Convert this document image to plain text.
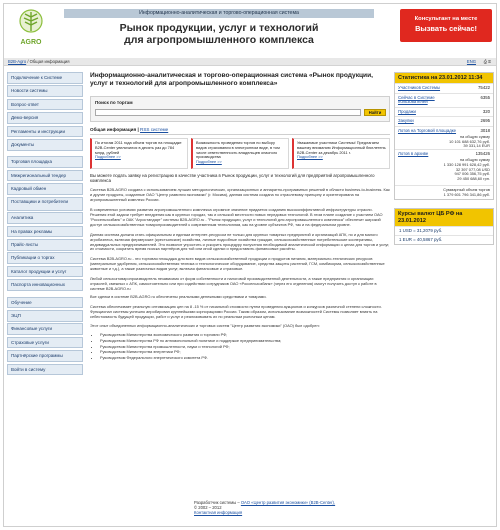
AGRO
Информационно-аналитическая и торгово-операционная система
Рынок продукции, услуг и технологий
для агропромышленного комплекса
Консультант на месте
Вызвать сейчас!
B2B-Agro / Общая информация	ENG ⎙✉
Подключение к Системе
Новости системы
Вопрос-ответ
Демо-версия
Регламенты и инструкции
Документы
Торговая площадка
Межрегиональный тендер
Кадровый обмен
Поставщики и потребители
Аналитика
На правах рекламы
Прайс-листы
Публикации о торгах
Каталог продукции и услуг
Паспорта инновационных
Обучение
ЭЦП
Финансовые услуги
Страховые услуги
Партнёрские программы
Войти в систему
Информационно-аналитическая и торгово-операционная система «Рынок продукции, услуг и технологий для агропромышленного комплекса»
Поиск по торгам
Найти
Общая информация | RSS системе
По итогам 2011 года объем торгов на площадке B2B-Center увеличился в десять раз до 784 млрд. рублей
Подробнее >>
Возможность проведения торгов по выбору видов страхования в электронном виде, в том числе ответственность владельцев опасного производства
Подробнее >>
Уважаемые участники Системы! Предлагаем вашему вниманию Информационный бюллетень B2B-Center за декабрь 2011 г.
Подробнее >>
Вы можете подать заявку на регистрацию в качестве участника в Рынок продукции, услуг и технологий для предприятий агропромышленного комплекса
Система B2B-AGRO создана с использованием лучших методологических, организационных и аппаратно-программных решений в области business-to-business. Как и другие продукты, созданные ОАО "Центр развития экономики" (г. Москва), данная система создана по отраслевому принципу и ориентирована на агропромышленный комплекс России.
В современных условиях развития агропромышленного комплекса огромное значение придается созданию высокоэффективной инфраструктуры отрасли. Решения этой задачи требует внедрения как в крупных городах, так и сельской местности новых передовых технологий. В этом плане создание с участием ОАО "Россельхозбанк" и ОАК "Агростандарт" системы B2B-AGRO.ru - "Рынок продукции, услуг и технологий для агропромышленного комплекса" обеспечит широкий доступ сельскохозяйственных товаропроизводителей к современным технологиям, как на уровне субъектов РФ, так и на федеральном уровне.
Данная система должна стать официальным и единым интернет-ресурсом не только для крупных товарных предприятий и организаций АПК, но и для малого агробизнеса, включая фермерские (крестьянские) хозяйства, личные подсобные хозяйства граждан, сельскохозяйственные потребительские кооперативы, индивидуальных предпринимателей. Это позволит упростить и ускорить процедуру получения необходимой аналитической информации о ценах для торгов и услуг, их стоимости, сократить время поиска партнёров для той или иной сделки и предоставить финансовые расчёты.
Система B2B-AGRO.ru - это торговая площадка для всех видов сельскохозяйственной продукции и продуктов питания, материально-технических ресурсов (минеральные удобрения, сельскохозяйственная техника и технологическое оборудование, средства защиты растений, ГСМ, комбикорма, сельскохозяйственные животные и т.д.), а также различных видов услуг, включая финансовые и страховые.
Любой сельхозтоваропроизводитель независимо от форм собственности и налоговой производственной деятельности, а также предприятия и организации отраслей, смежных с АПК, самостоятельно или при содействии сотрудников ОАО «Россельхозбанк» (через его отделения) смогут получить доступ к работе в системе B2B-AGRO.ru
Все сделки в системе B2B-AGRO.ru обеспечены реальными денежными средствами и товарами.
Система обеспечивает реальную оптимизацию цен на 8 -15 % от начальной стоимости путем проведения аукционов и конкурсов различной степени сложности. Функционал системы успешно апробирован крупнейшими корпорациями России. Таким образом, использование возможностей Системы позволяет влиять на себестоимость будущей продукции, работ и услуг и реализовывать их по реальным рыночным ценам.
Этот опыт объединенных информационно-аналитических и торговых систем "Центр развития экономики" (ОАО) был одобрен:
• Руководством Министерства экономического развития и торговли РФ;
• Руководством Министерства РФ по антимонопольной политике и поддержке предпринимательства;
• Руководством Министерства промышленности, науки и технологий РФ;
• Руководством Министерства энергетики РФ;
• Руководством Федерального энергетического комитета РФ.
Статистика на 23.01.2012 11:34
Участников Системы	75422
Сейчас в Системе пользователей
6355
Продажи	320
Закупки	2695
Лотов на Торговой площадке	3018
на общую сумму
10 101 688 632,76 руб.
39 331,14 EUR
Лотов в архиве	135426
на общую сумму
1 330 128 991 628,42 руб.
32 397 077,08 USD
947 006 356,75 руб.
29 450 688,60 грн.
Суммарный объем торгов
1 379 601 796 341,86 руб.
Курсы валют ЦБ РФ на 23.01.2012
1 USD = 31,2079 руб.
1 EUR = 40,5867 руб.
Разработчик системы – ОАО «Центр развития экономики» (B2B-Center),
© 2002 – 2012
Контактная информация
